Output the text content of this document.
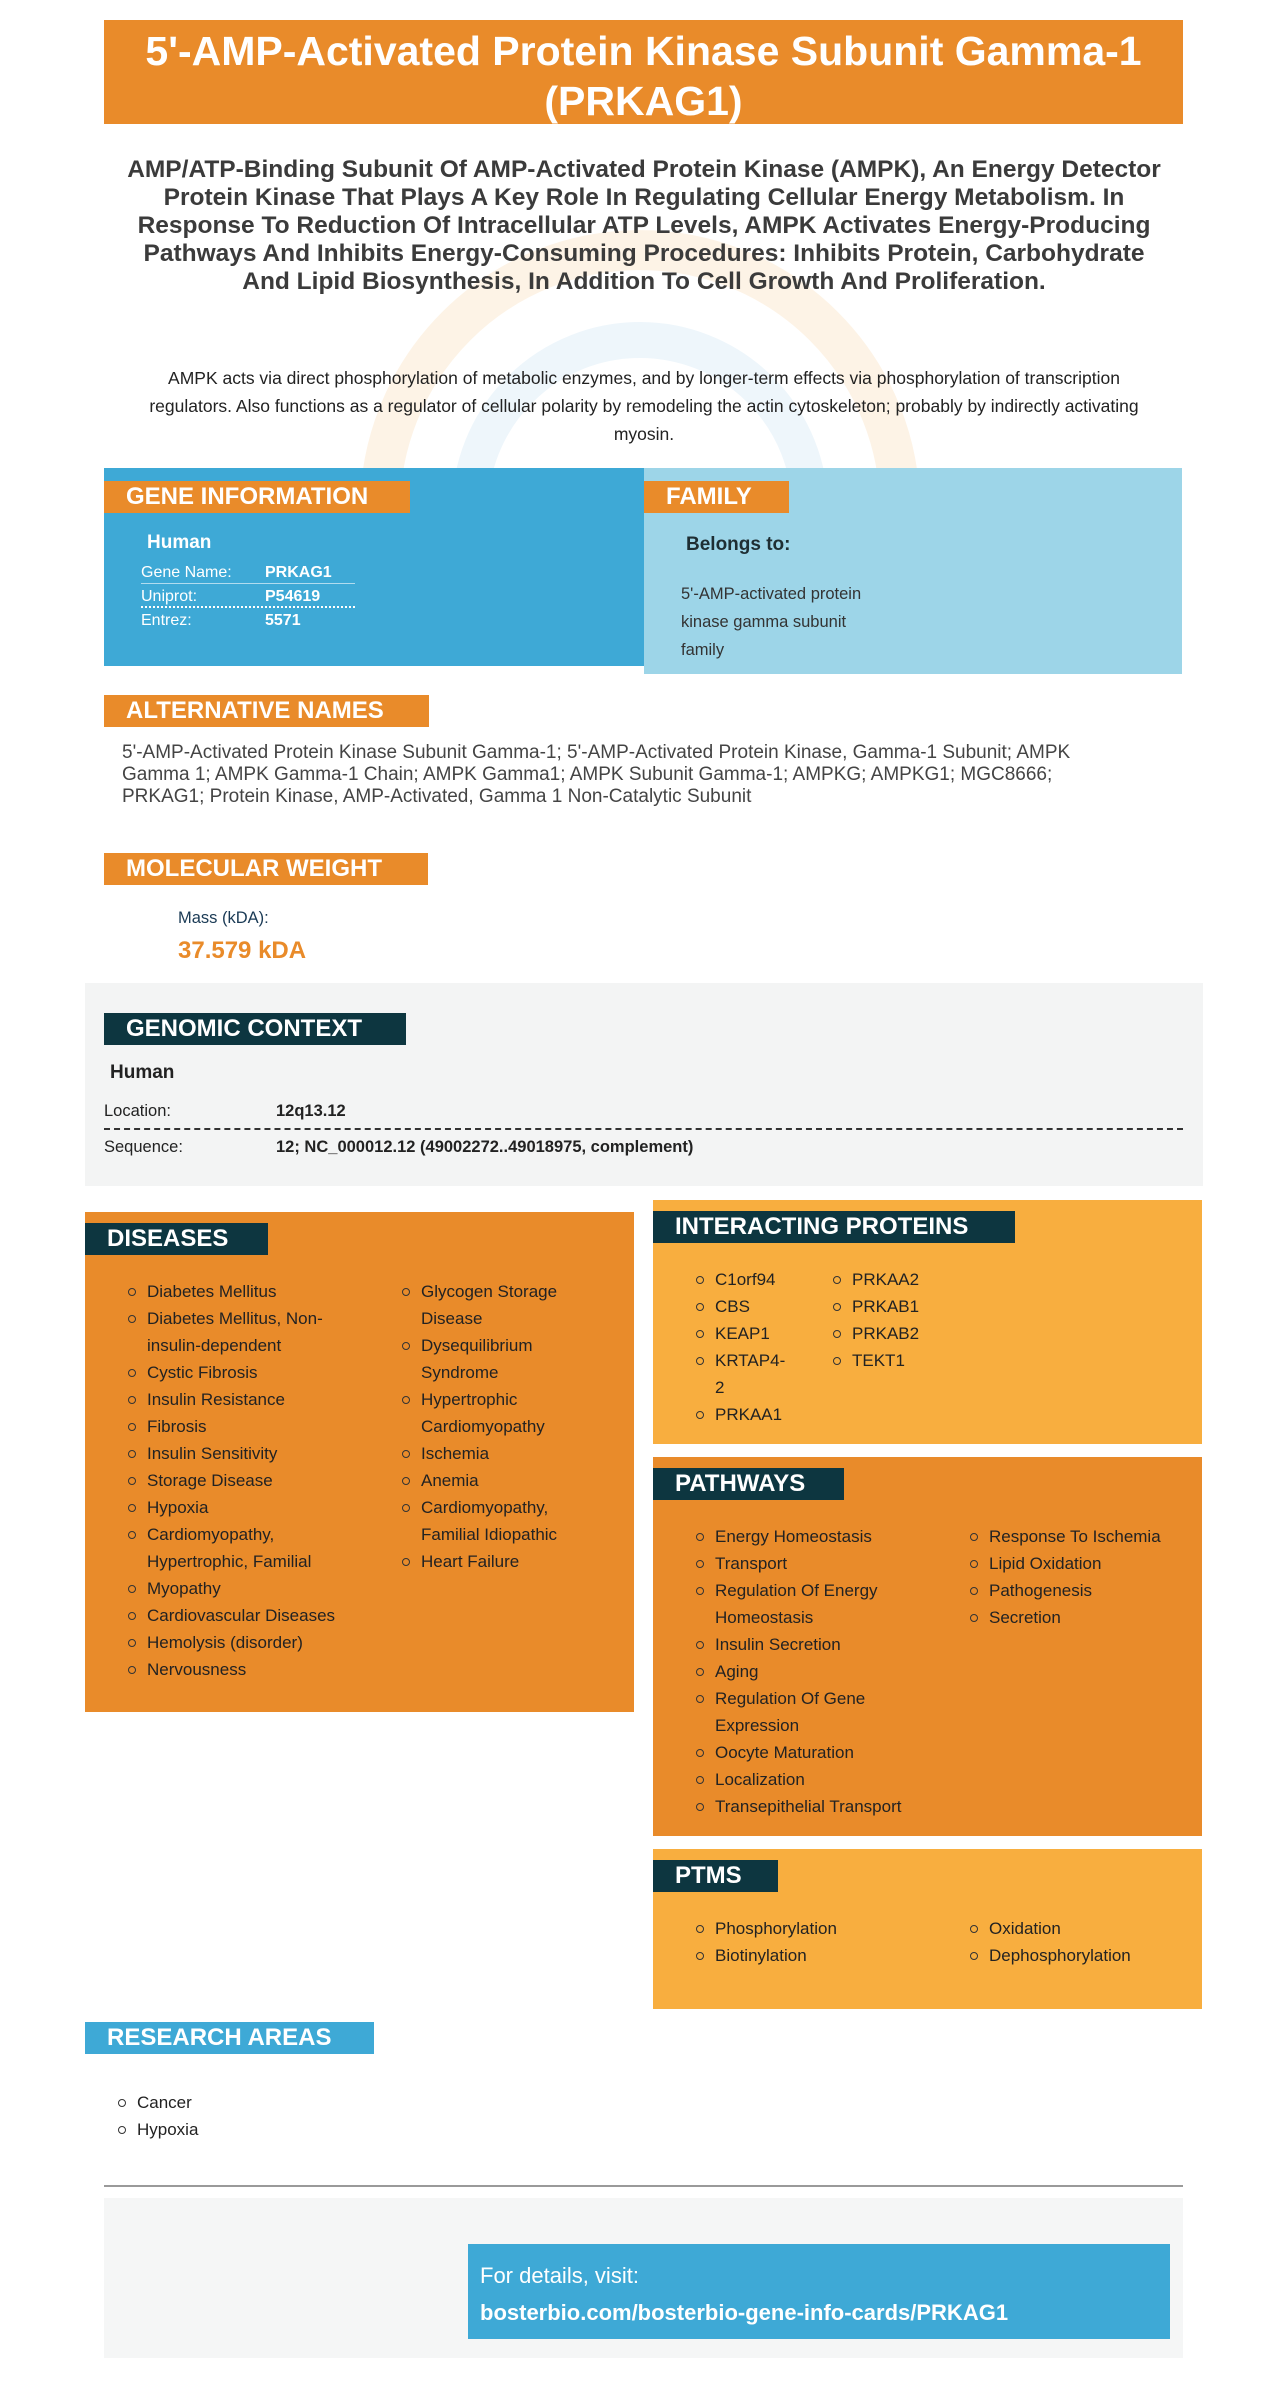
5'-AMP-Activated Protein Kinase Subunit Gamma-1 (PRKAG1)
AMP/ATP-Binding Subunit Of AMP-Activated Protein Kinase (AMPK), An Energy Detector Protein Kinase That Plays A Key Role In Regulating Cellular Energy Metabolism. In Response To Reduction Of Intracellular ATP Levels, AMPK Activates Energy-Producing Pathways And Inhibits Energy-Consuming Procedures: Inhibits Protein, Carbohydrate And Lipid Biosynthesis, In Addition To Cell Growth And Proliferation.
AMPK acts via direct phosphorylation of metabolic enzymes, and by longer-term effects via phosphorylation of transcription regulators. Also functions as a regulator of cellular polarity by remodeling the actin cytoskeleton; probably by indirectly activating myosin.
GENE INFORMATION
Human
Gene Name:	PRKAG1
Uniprot:	P54619
Entrez:	5571
FAMILY
Belongs to:
5'-AMP-activated protein
kinase gamma subunit
family
ALTERNATIVE NAMES
5'-AMP-Activated Protein Kinase Subunit Gamma-1; 5'-AMP-Activated Protein Kinase, Gamma-1 Subunit; AMPK
Gamma 1; AMPK Gamma-1 Chain; AMPK Gamma1; AMPK Subunit Gamma-1; AMPKG; AMPKG1; MGC8666;
PRKAG1; Protein Kinase, AMP-Activated, Gamma 1 Non-Catalytic Subunit
MOLECULAR WEIGHT
Mass (kDA):
37.579 kDA
GENOMIC CONTEXT
Human
Location:	12q13.12
Sequence:	12; NC_000012.12 (49002272..49018975, complement)
DISEASES
Diabetes Mellitus
Diabetes Mellitus, Non-
insulin-dependent
Cystic Fibrosis
Insulin Resistance
Fibrosis
Insulin Sensitivity
Storage Disease
Hypoxia
Cardiomyopathy,
Hypertrophic, Familial
Myopathy
Cardiovascular Diseases
Hemolysis (disorder)
Nervousness
Glycogen Storage
Disease
Dysequilibrium
Syndrome
Hypertrophic
Cardiomyopathy
Ischemia
Anemia
Cardiomyopathy,
Familial Idiopathic
Heart Failure
INTERACTING PROTEINS
C1orf94
CBS
KEAP1
KRTAP4-
2
PRKAA1
PRKAA2
PRKAB1
PRKAB2
TEKT1
PATHWAYS
Energy Homeostasis
Transport
Regulation Of Energy
Homeostasis
Insulin Secretion
Aging
Regulation Of Gene
Expression
Oocyte Maturation
Localization
Transepithelial Transport
Response To Ischemia
Lipid Oxidation
Pathogenesis
Secretion
PTMS
Phosphorylation
Biotinylation
Oxidation
Dephosphorylation
RESEARCH AREAS
Cancer
Hypoxia
For details, visit:
bosterbio.com/bosterbio-gene-info-cards/PRKAG1
